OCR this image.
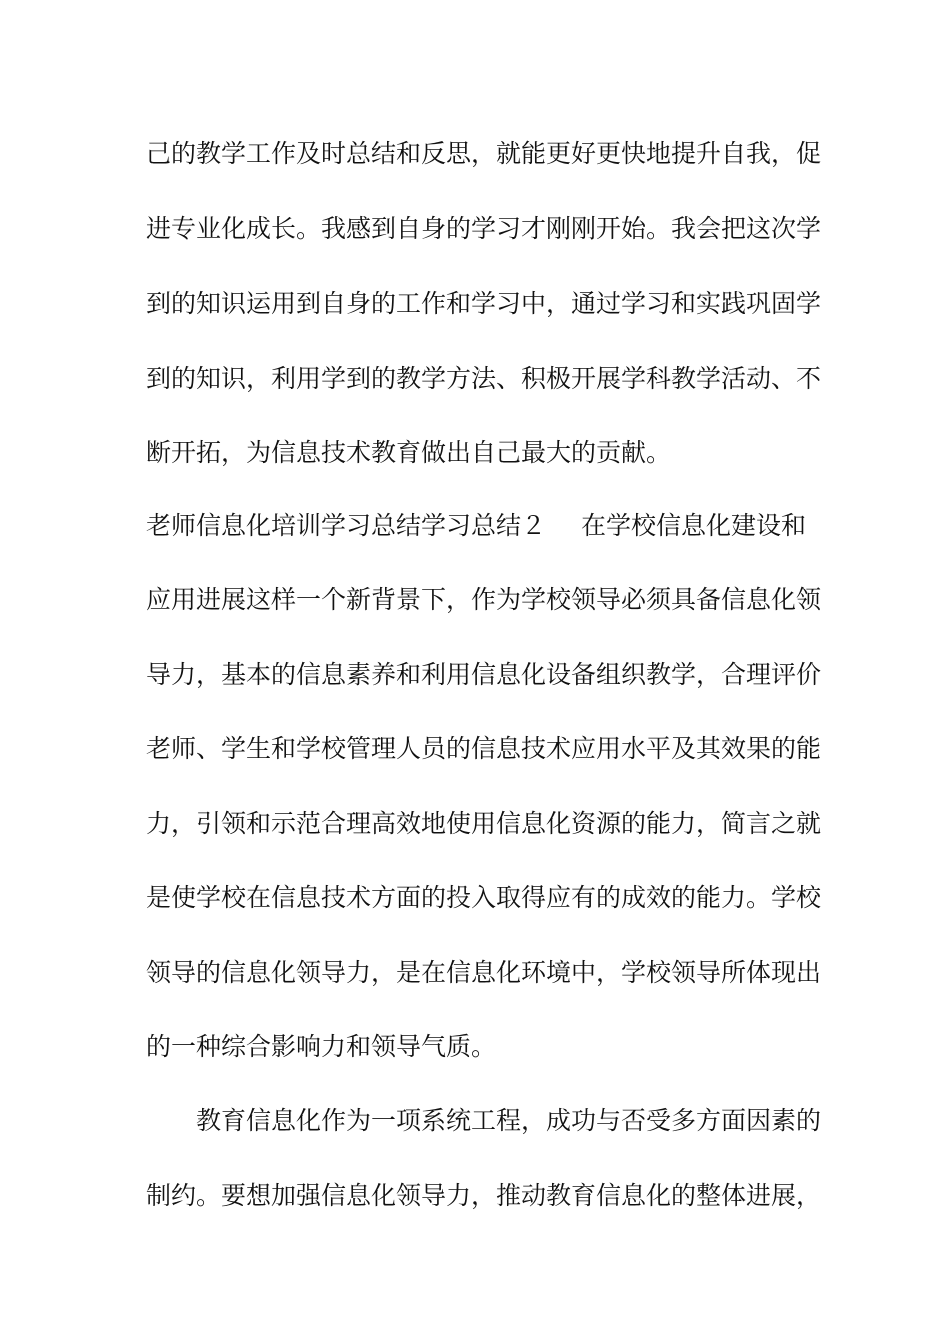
己的教学工作及时总结和反思，就能更好更快地提升自我，促
进专业化成长。我感到自身的学习才刚刚开始。我会把这次学
到的知识运用到自身的工作和学习中，通过学习和实践巩固学
到的知识，利用学到的教学方法、积极开展学科教学活动、不
断开拓，为信息技术教育做出自己最大的贡献。
老师信息化培训学习总结学习总结２ 在学校信息化建设和
应用进展这样一个新背景下，作为学校领导必须具备信息化领
导力，基本的信息素养和利用信息化设备组织教学，合理评价
老师、学生和学校管理人员的信息技术应用水平及其效果的能
力，引领和示范合理高效地使用信息化资源的能力，简言之就
是使学校在信息技术方面的投入取得应有的成效的能力。学校
领导的信息化领导力，是在信息化环境中，学校领导所体现出
的一种综合影响力和领导气质。
教育信息化作为一项系统工程，成功与否受多方面因素的
制约。要想加强信息化领导力，推动教育信息化的整体进展，
